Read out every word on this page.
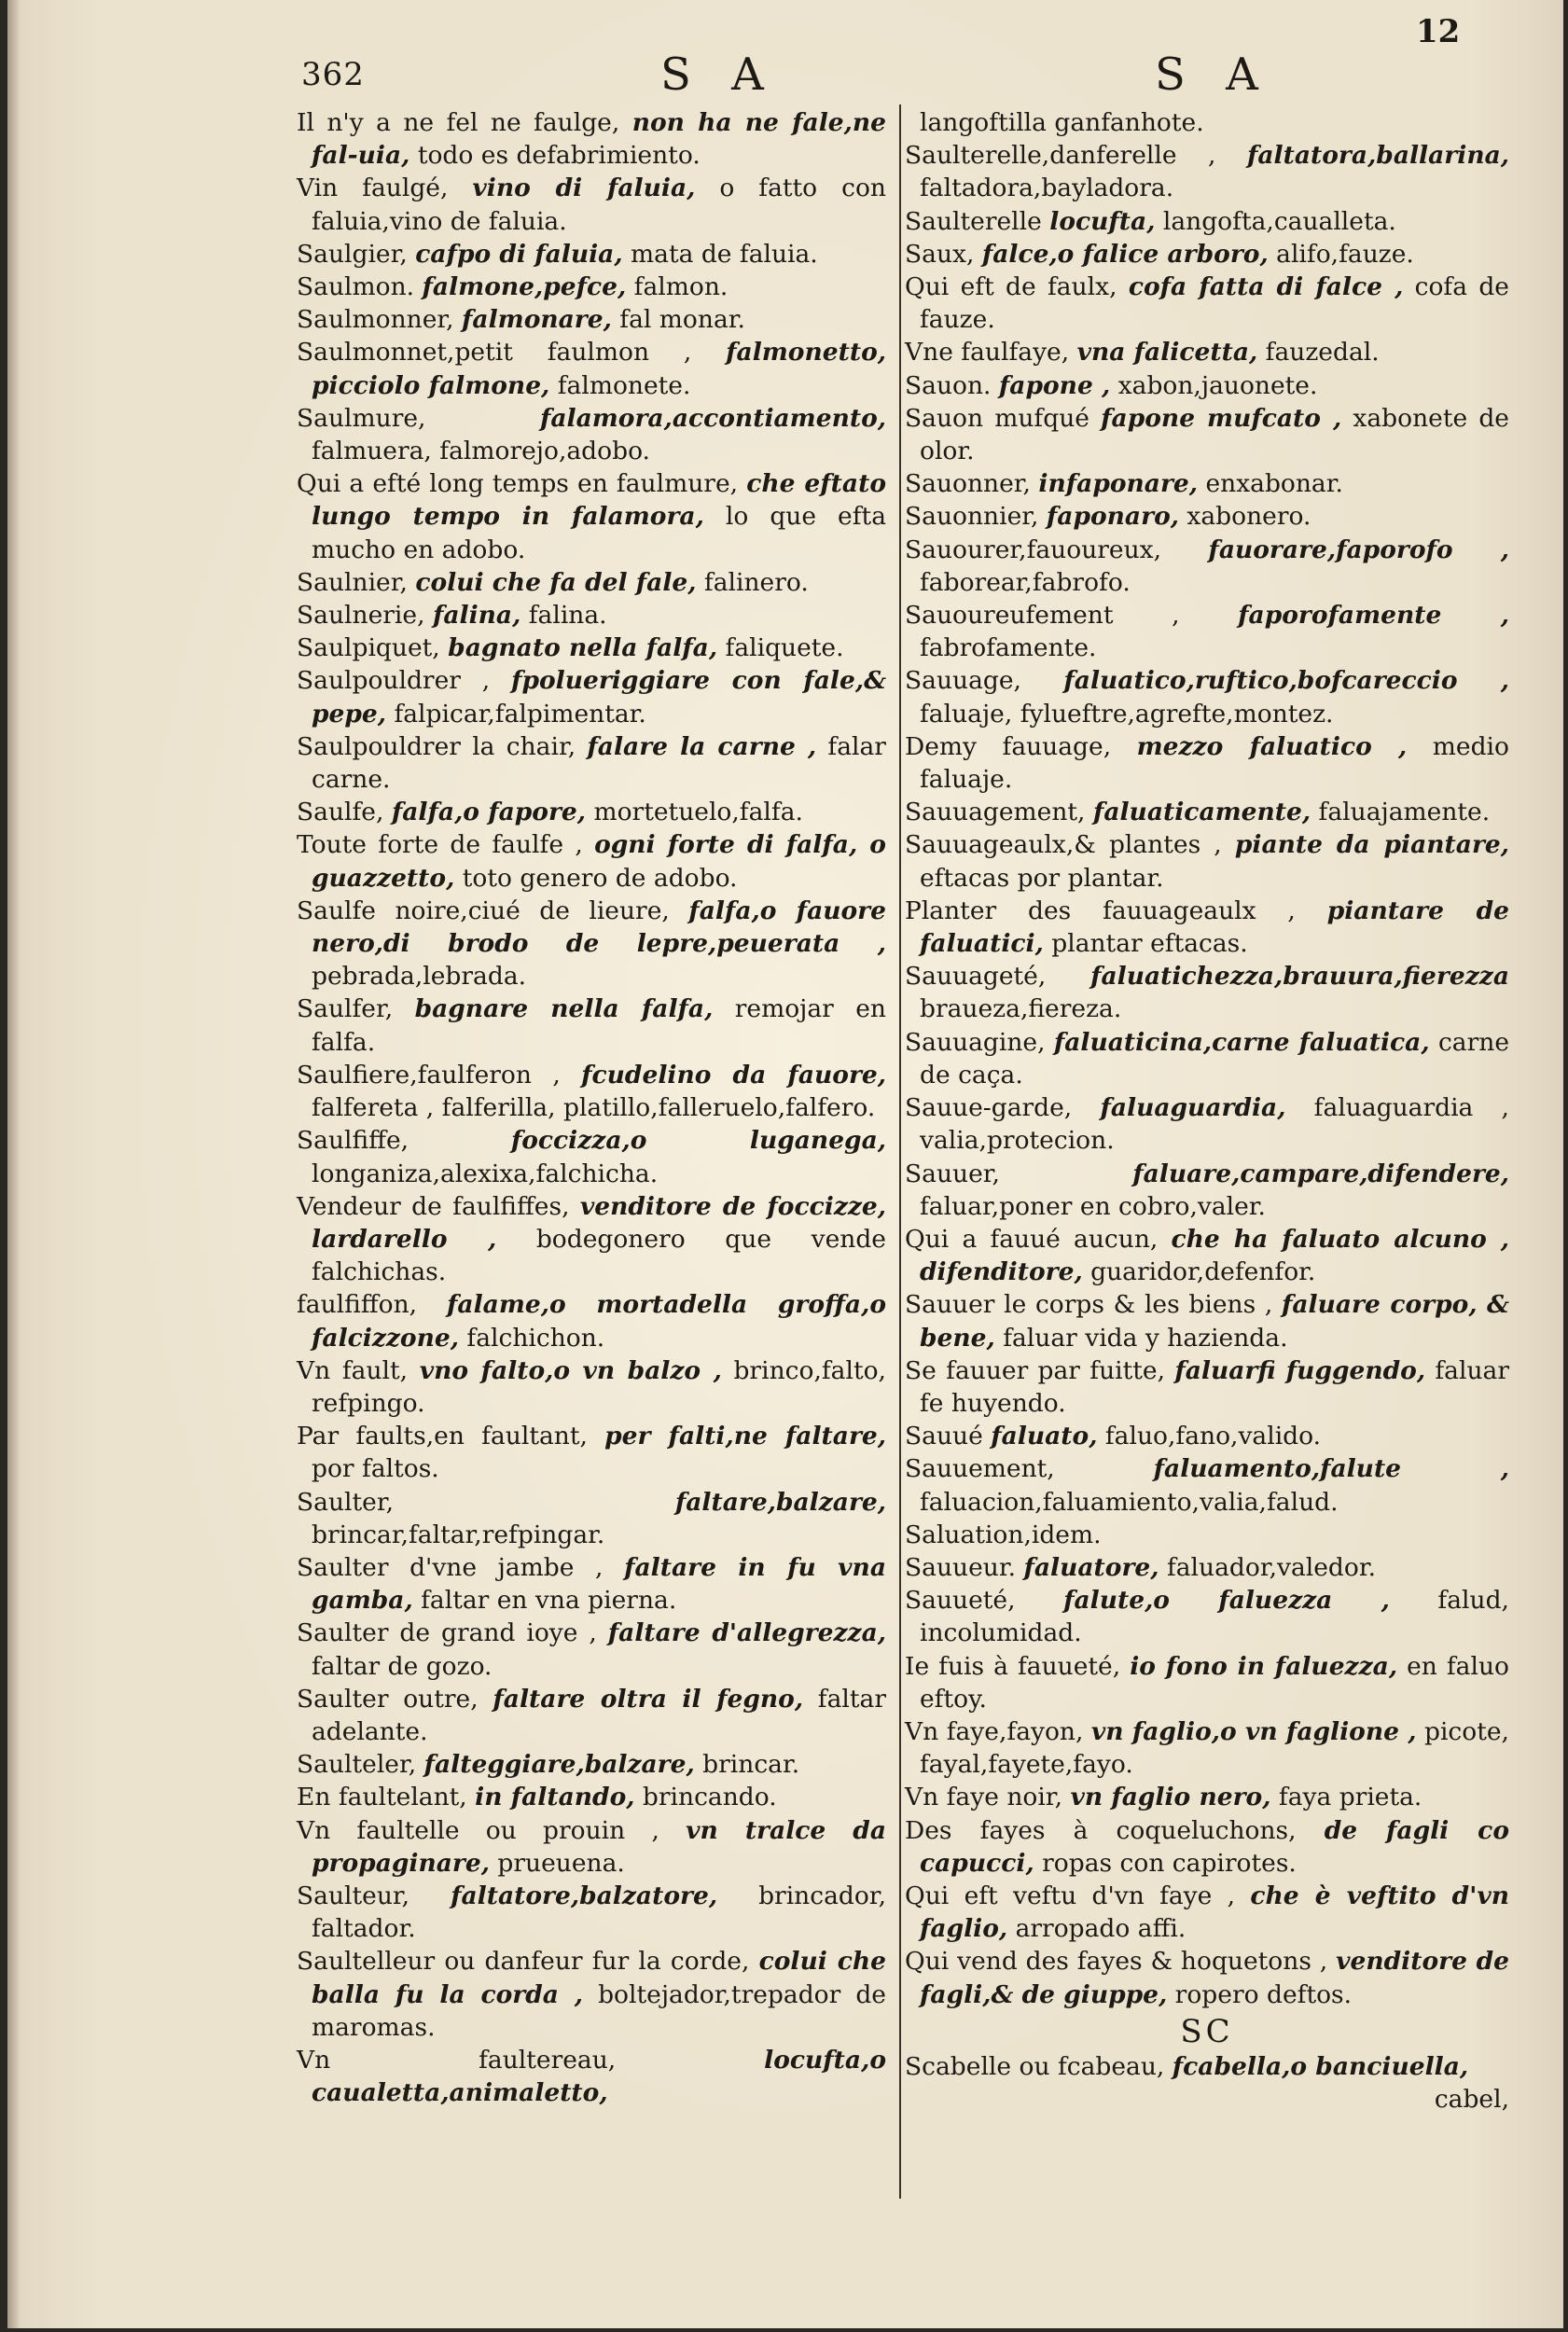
362	S A	S A
12
Il n'y a ne fel ne faulge, non ha ne fale,ne fal-uia, todo es defabrimiento.
Vin faulgé, vino di faluia, o fatto con faluia,vino de faluia.
Saulgier, cafpo di faluia, mata de faluia.
Saulmon. falmone,pefce, falmon.
Saulmonner, falmonare, fal monar.
Saulmonnet,petit faulmon , falmonetto, picciolo falmone, falmonete.
Saulmure,	falamora,accontiamento, falmuera, falmorejo,adobo.
Qui a efté long temps en faulmure, che eftato lungo tempo in falamora, lo que efta mucho en adobo.
Saulnier, colui che fa del fale, falinero.
Saulnerie, falina, falina.
Saulpiquet, bagnato nella falfa, faliquete.
Saulpouldrer , fpolueriggiare con fale,& pepe, falpicar,falpimentar.
Saulpouldrer la chair, falare la carne , falar carne.
Saulfe, falfa,o fapore, mortetuelo,falfa.
Toute forte de faulfe , ogni forte di falfa, o guazzetto, toto genero de adobo.
Saulfe noire,ciué de lieure, falfa,o fauore nero,di brodo de lepre,peuerata , pebrada,lebrada.
Saulfer, bagnare nella falfa, remojar en falfa.
Saulfiere,faulferon , fcudelino da fauore, falfereta , falferilla, platillo,falleruelo,falfero.
Saulfiffe,	foccizza,o luganega, longaniza,alexixa,falchicha.
Vendeur de faulfiffes, venditore de foccizze, lardarello , bodegonero que vende falchichas.
faulfiffon, falame,o mortadella groffa,o falcizzone, falchichon.
Vn fault, vno falto,o vn balzo , brinco,falto, refpingo.
Par faults,en faultant, per falti,ne faltare, por faltos.
Saulter,	faltare,balzare, brincar,faltar,refpingar.
Saulter d'vne jambe , faltare in fu vna gamba, faltar en vna pierna.
Saulter de grand ioye , faltare d'allegrezza, faltar de gozo.
Saulter outre, faltare oltra il fegno, faltar adelante.
Saulteler, falteggiare,balzare, brincar.
En faultelant, in faltando, brincando.
Vn faultelle ou prouin , vn tralce da propaginare, prueuena.
Saulteur, faltatore,balzatore, brincador, faltador.
Saultelleur ou danfeur fur la corde, colui che balla fu la corda , boltejador,trepador de maromas.
Vn faultereau,	locufta,o caualetta,animaletto,
langoftilla ganfanhote.
Saulterelle,danferelle , faltatora,ballarina, faltadora,bayladora.
Saulterelle locufta, langofta,caualleta.
Saux, falce,o falice arboro, alifo,fauze.
Qui eft de faulx, cofa fatta di falce , cofa de fauze.
Vne faulfaye, vna falicetta, fauzedal.
Sauon. fapone , xabon,jauonete.
Sauon mufqué fapone mufcato , xabonete de olor.
Sauonner, infaponare, enxabonar.
Sauonnier, faponaro, xabonero.
Sauourer,fauoureux, fauorare,faporofo , faborear,fabrofo.
Sauoureufement , faporofamente , fabrofamente.
Sauuage, faluatico,ruftico,bofcareccio , faluaje, fylueftre,agrefte,montez.
Demy fauuage, mezzo faluatico , medio faluaje.
Sauuagement, faluaticamente, faluajamente.
Sauuageaulx,& plantes , piante da piantare, eftacas por plantar.
Planter des fauuageaulx , piantare de faluatici, plantar eftacas.
Sauuageté, faluatichezza,brauura,fierezza braueza,fiereza.
Sauuagine, faluaticina,carne faluatica, carne de caça.
Sauue-garde, faluaguardia, faluaguardia , valia,protecion.
Sauuer,	faluare,campare,difendere, faluar,poner en cobro,valer.
Qui a fauué aucun, che ha faluato alcuno , difenditore, guaridor,defenfor.
Sauuer le corps & les biens , faluare corpo, & bene, faluar vida y hazienda.
Se fauuer par fuitte, faluarfi fuggendo, faluar fe huyendo.
Sauué faluato, faluo,fano,valido.
Sauuement,	faluamento,falute , faluacion,faluamiento,valia,falud.
Saluation,idem.
Sauueur. faluatore, faluador,valedor.
Sauueté, falute,o faluezza , falud, incolumidad.
Ie fuis à fauueté, io fono in faluezza, en faluo eftoy.
Vn faye,fayon, vn faglio,o vn faglione , picote, fayal,fayete,fayo.
Vn faye noir, vn faglio nero, faya prieta.
Des fayes à coqueluchons, de fagli co capucci, ropas con capirotes.
Qui eft veftu d'vn faye , che è veftito d'vn faglio, arropado affi.
Qui vend des fayes & hoquetons , venditore de fagli,& de giuppe, ropero deftos.
SC
Scabelle ou fcabeau, fcabella,o banciuella,
cabel,
